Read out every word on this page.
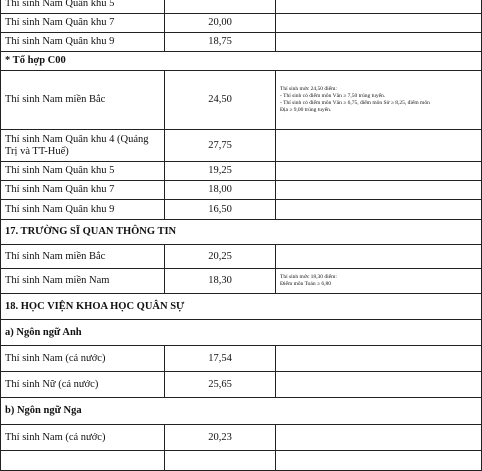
Thí sinh Nam Quân khu 5		
Thí sinh Nam Quân khu 7	20,00	
Thí sinh Nam Quân khu 9	18,75	
* Tổ hợp C00		
Thí sinh Nam miền Bắc	24,50	Thí sinh mức 24,50 điểm:

- Thí sinh có điểm môn Văn ≥ 7,50 trúng tuyển.

- Thí sinh có điểm môn Văn ≥ 6,75, điểm môn Sử ≥ 8,25, điểm môn

Địa ≥ 9,00 trúng tuyển.

Thí sinh Nam Quân khu 4 (Quảng Trị và TT-Huế)	27,75	
Thí sinh Nam Quân khu 5	19,25	
Thí sinh Nam Quân khu 7	18,00	
Thí sinh Nam Quân khu 9	16,50	
17. TRƯỜNG SĨ QUAN THÔNG TIN		
Thí sinh Nam miền Bắc	20,25	
Thí sinh Nam miền Nam	18,30	Thí sinh mức 18,30 điểm:

Điểm môn Toán ≥ 6,80

18. HỌC VIỆN KHOA HỌC QUÂN SỰ		
a) Ngôn ngữ Anh		
Thí sinh Nam (cả nước)	17,54	
Thí sinh Nữ (cả nước)	25,65	
b) Ngôn ngữ Nga		
Thí sinh Nam (cả nước)	20,23	
